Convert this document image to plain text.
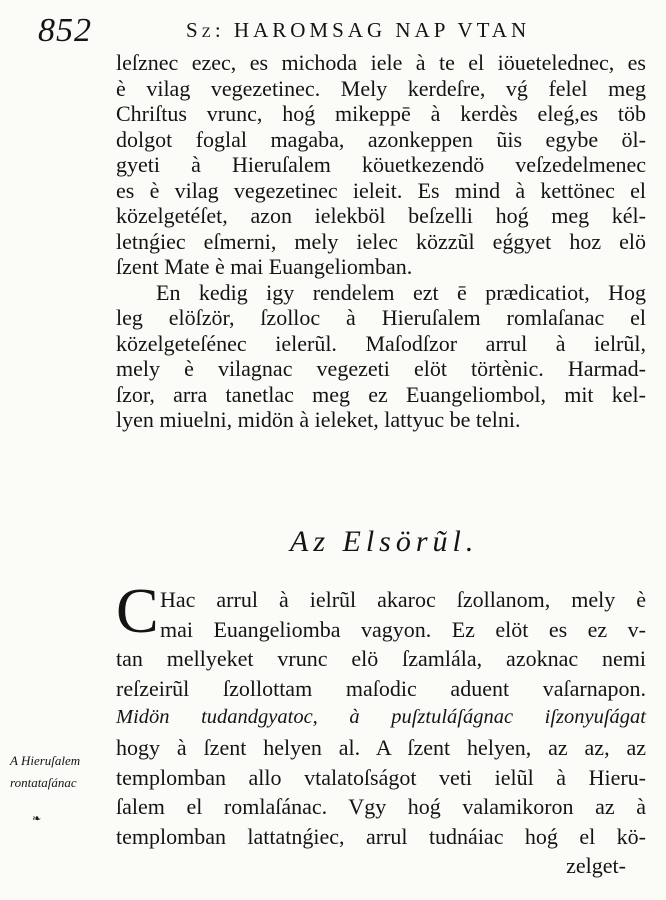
852	Sz: HAROMSAG NAP VTAN
leſznec ezec, es michoda iele à te el iöuetelednec, es
è vilag vegezetinec. Mely kerdeſre, vǵ felel meg
Chriſtus vrunc, hoǵ mikeppē à kerdès eleǵ,es töb
dolgot foglal magaba, azonkeppen ũis egybe öl-
gyeti à Hieruſalem köuetkezendö veſzedelmenec
es è vilag vegezetinec ieleit. Es mind à kettönec el
közelgetéſet, azon ielekböl beſzelli hoǵ meg kél-
letnǵiec eſmerni, mely ielec közzũl eǵgyet hoz elö
ſzent Mate è mai Euangeliomban.
En kedig igy rendelem ezt ē prædicatiot, Hog
leg elöſzör, ſzolloc à Hieruſalem romlaſanac el
közelgeteſénec ielerũl. Maſodſzor arrul à ielrũl,
mely è vilagnac vegezeti elöt törtènic. Harmad-
ſzor, arra tanetlac meg ez Euangeliombol, mit kel-
lyen miuelni, midön à ieleket, lattyuc be telni.
Az Elsörũl.
C Hac arrul à ielrũl akaroc ſzollanom, mely è
mai Euangeliomba vagyon. Ez elöt es ez v-
tan mellyeket vrunc elö ſzamlála, azoknac nemi
reſzeirũl ſzollottam maſodic aduent vaſarnapon.
Midön tudandgyatoc, à puſztuláſágnac iſzonyuſágat
hogy à ſzent helyen al. A ſzent helyen, az az, az
templomban allo vtalatoſságot veti ielũl à Hieru-
ſalem el romlaſánac. Vgy hoǵ valamikoron az à
templomban lattatnǵiec, arrul tudnáiac hoǵ el kö-
zelget-
A Hieruſalem
rontataſánac
❧
